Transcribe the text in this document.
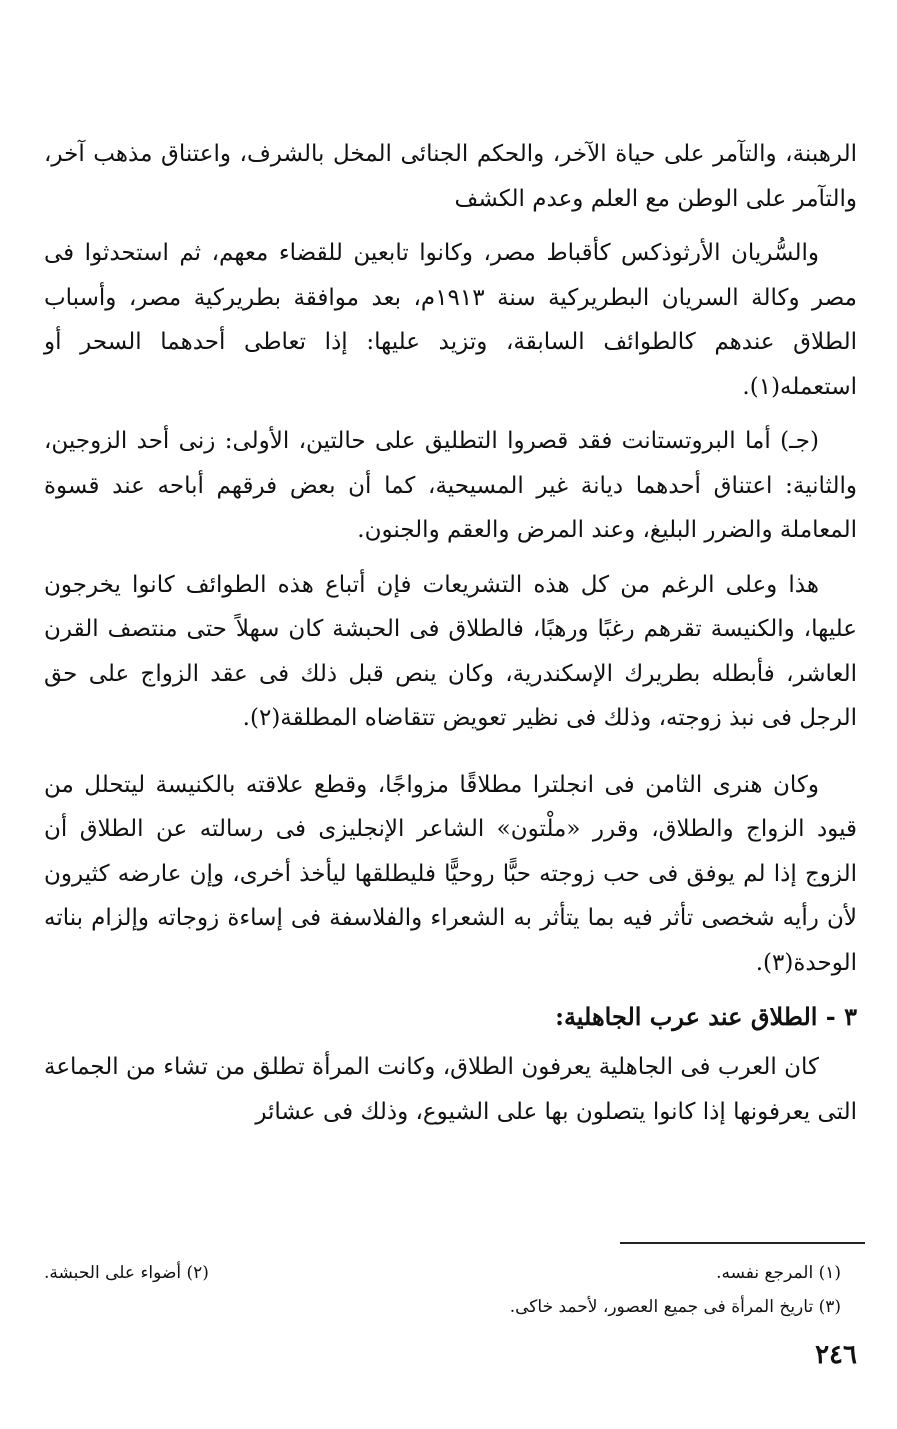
الرهبنة، والتآمر على حياة الآخر، والحكم الجنائى المخل بالشرف، واعتناق مذهب آخر، والتآمر على الوطن مع العلم وعدم الكشف

والسُّريان الأرثوذكس كأقباط مصر، وكانوا تابعين للقضاء معهم، ثم استحدثوا فى مصر وكالة السريان البطريركية سنة ١٩١٣م، بعد موافقة بطريركية مصر، وأسباب الطلاق عندهم كالطوائف السابقة، وتزيد عليها: إذا تعاطى أحدهما السحر أو استعمله(١).

(جـ) أما البروتستانت فقد قصروا التطليق على حالتين، الأولى: زنى أحد الزوجين، والثانية: اعتناق أحدهما ديانة غير المسيحية، كما أن بعض فرقهم أباحه عند قسوة المعاملة والضرر البليغ، وعند المرض والعقم والجنون.

هذا وعلى الرغم من كل هذه التشريعات فإن أتباع هذه الطوائف كانوا يخرجون عليها، والكنيسة تقرهم رغبًا ورهبًا، فالطلاق فى الحبشة كان سهلاً حتى منتصف القرن العاشر، فأبطله بطريرك الإسكندرية، وكان ينص قبل ذلك فى عقد الزواج على حق الرجل فى نبذ زوجته، وذلك فى نظير تعويض تتقاضاه المطلقة(٢).

وكان هنرى الثامن فى انجلترا مطلاقًا مزواجًا، وقطع علاقته بالكنيسة ليتحلل من قيود الزواج والطلاق، وقرر «ملْتون» الشاعر الإنجليزى فى رسالته عن الطلاق أن الزوج إذا لم يوفق فى حب زوجته حبًّا روحيًّا فليطلقها ليأخذ أخرى، وإن عارضه كثيرون لأن رأيه شخصى تأثر فيه بما يتأثر به الشعراء والفلاسفة فى إساءة زوجاته وإلزام بناته الوحدة(٣).

٣ - الطلاق عند عرب الجاهلية:

كان العرب فى الجاهلية يعرفون الطلاق، وكانت المرأة تطلق من تشاء من الجماعة التى يعرفونها إذا كانوا يتصلون بها على الشيوع، وذلك فى عشائر

(١) المرجع نفسه.
(٢) أضواء على الحبشة.
(٣) تاريخ المرأة فى جميع العصور، لأحمد خاكى.
٢٤٦
